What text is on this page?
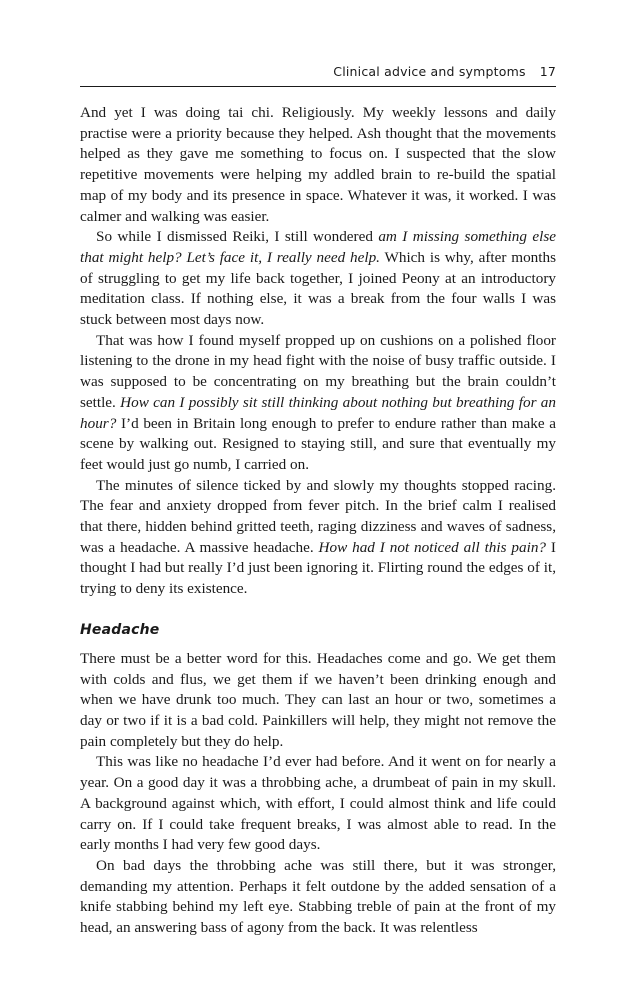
Clinical advice and symptoms 17

And yet I was doing tai chi. Religiously. My weekly lessons and daily practise were a priority because they helped. Ash thought that the movements helped as they gave me something to focus on. I suspected that the slow repetitive movements were helping my addled brain to re-build the spatial map of my body and its presence in space. Whatever it was, it worked. I was calmer and walking was easier.

So while I dismissed Reiki, I still wondered am I missing something else that might help? Let’s face it, I really need help. Which is why, after months of struggling to get my life back together, I joined Peony at an introductory meditation class. If nothing else, it was a break from the four walls I was stuck between most days now.

That was how I found myself propped up on cushions on a polished floor listening to the drone in my head fight with the noise of busy traffic outside. I was supposed to be concentrating on my breathing but the brain couldn’t settle. How can I possibly sit still thinking about nothing but breathing for an hour? I’d been in Britain long enough to prefer to endure rather than make a scene by walking out. Resigned to staying still, and sure that eventually my feet would just go numb, I carried on.

The minutes of silence ticked by and slowly my thoughts stopped racing. The fear and anxiety dropped from fever pitch. In the brief calm I realised that there, hidden behind gritted teeth, raging dizziness and waves of sadness, was a headache. A massive headache. How had I not noticed all this pain? I thought I had but really I’d just been ignoring it. Flirting round the edges of it, trying to deny its existence.

Headache

There must be a better word for this. Headaches come and go. We get them with colds and flus, we get them if we haven’t been drinking enough and when we have drunk too much. They can last an hour or two, sometimes a day or two if it is a bad cold. Painkillers will help, they might not remove the pain completely but they do help.

This was like no headache I’d ever had before. And it went on for nearly a year. On a good day it was a throbbing ache, a drumbeat of pain in my skull. A background against which, with effort, I could almost think and life could carry on. If I could take frequent breaks, I was almost able to read. In the early months I had very few good days.

On bad days the throbbing ache was still there, but it was stronger, demanding my attention. Perhaps it felt outdone by the added sensation of a knife stabbing behind my left eye. Stabbing treble of pain at the front of my head, an answering bass of agony from the back. It was relentless
